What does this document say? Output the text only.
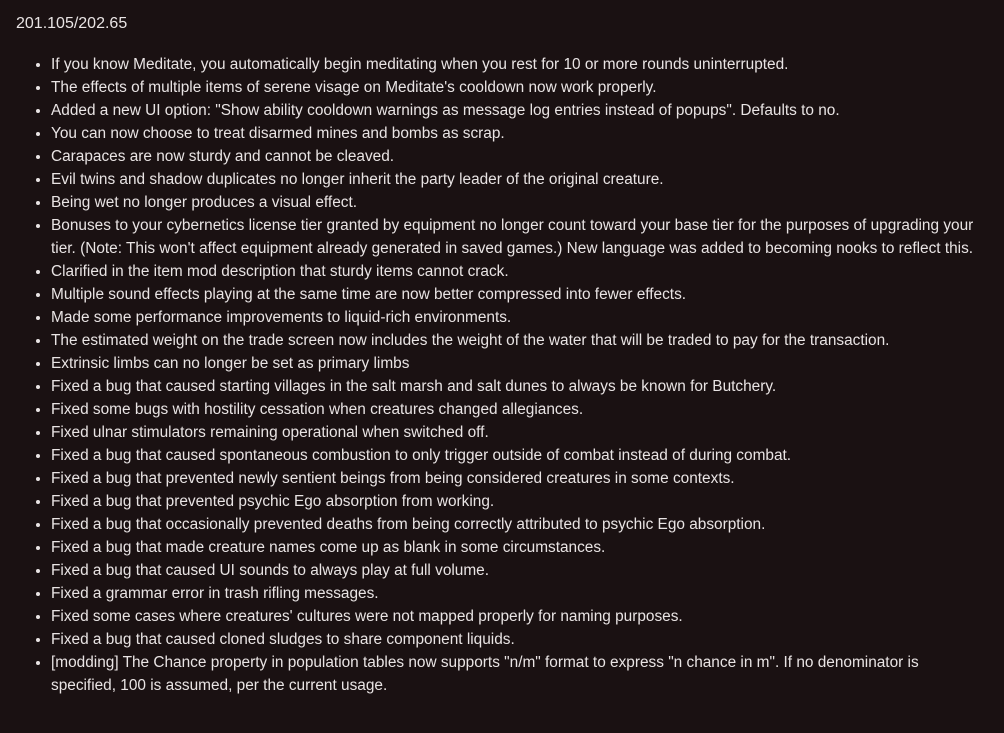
201.105/202.65
• If you know Meditate, you automatically begin meditating when you rest for 10 or more rounds uninterrupted.
• The effects of multiple items of serene visage on Meditate's cooldown now work properly.
• Added a new UI option: "Show ability cooldown warnings as message log entries instead of popups". Defaults to no.
• You can now choose to treat disarmed mines and bombs as scrap.
• Carapaces are now sturdy and cannot be cleaved.
• Evil twins and shadow duplicates no longer inherit the party leader of the original creature.
• Being wet no longer produces a visual effect.
• Bonuses to your cybernetics license tier granted by equipment no longer count toward your base tier for the purposes of upgrading your tier. (Note: This won't affect equipment already generated in saved games.) New language was added to becoming nooks to reflect this.
• Clarified in the item mod description that sturdy items cannot crack.
• Multiple sound effects playing at the same time are now better compressed into fewer effects.
• Made some performance improvements to liquid-rich environments.
• The estimated weight on the trade screen now includes the weight of the water that will be traded to pay for the transaction.
• Extrinsic limbs can no longer be set as primary limbs
• Fixed a bug that caused starting villages in the salt marsh and salt dunes to always be known for Butchery.
• Fixed some bugs with hostility cessation when creatures changed allegiances.
• Fixed ulnar stimulators remaining operational when switched off.
• Fixed a bug that caused spontaneous combustion to only trigger outside of combat instead of during combat.
• Fixed a bug that prevented newly sentient beings from being considered creatures in some contexts.
• Fixed a bug that prevented psychic Ego absorption from working.
• Fixed a bug that occasionally prevented deaths from being correctly attributed to psychic Ego absorption.
• Fixed a bug that made creature names come up as blank in some circumstances.
• Fixed a bug that caused UI sounds to always play at full volume.
• Fixed a grammar error in trash rifling messages.
• Fixed some cases where creatures' cultures were not mapped properly for naming purposes.
• Fixed a bug that caused cloned sludges to share component liquids.
• [modding] The Chance property in population tables now supports "n/m" format to express "n chance in m". If no denominator is specified, 100 is assumed, per the current usage.
